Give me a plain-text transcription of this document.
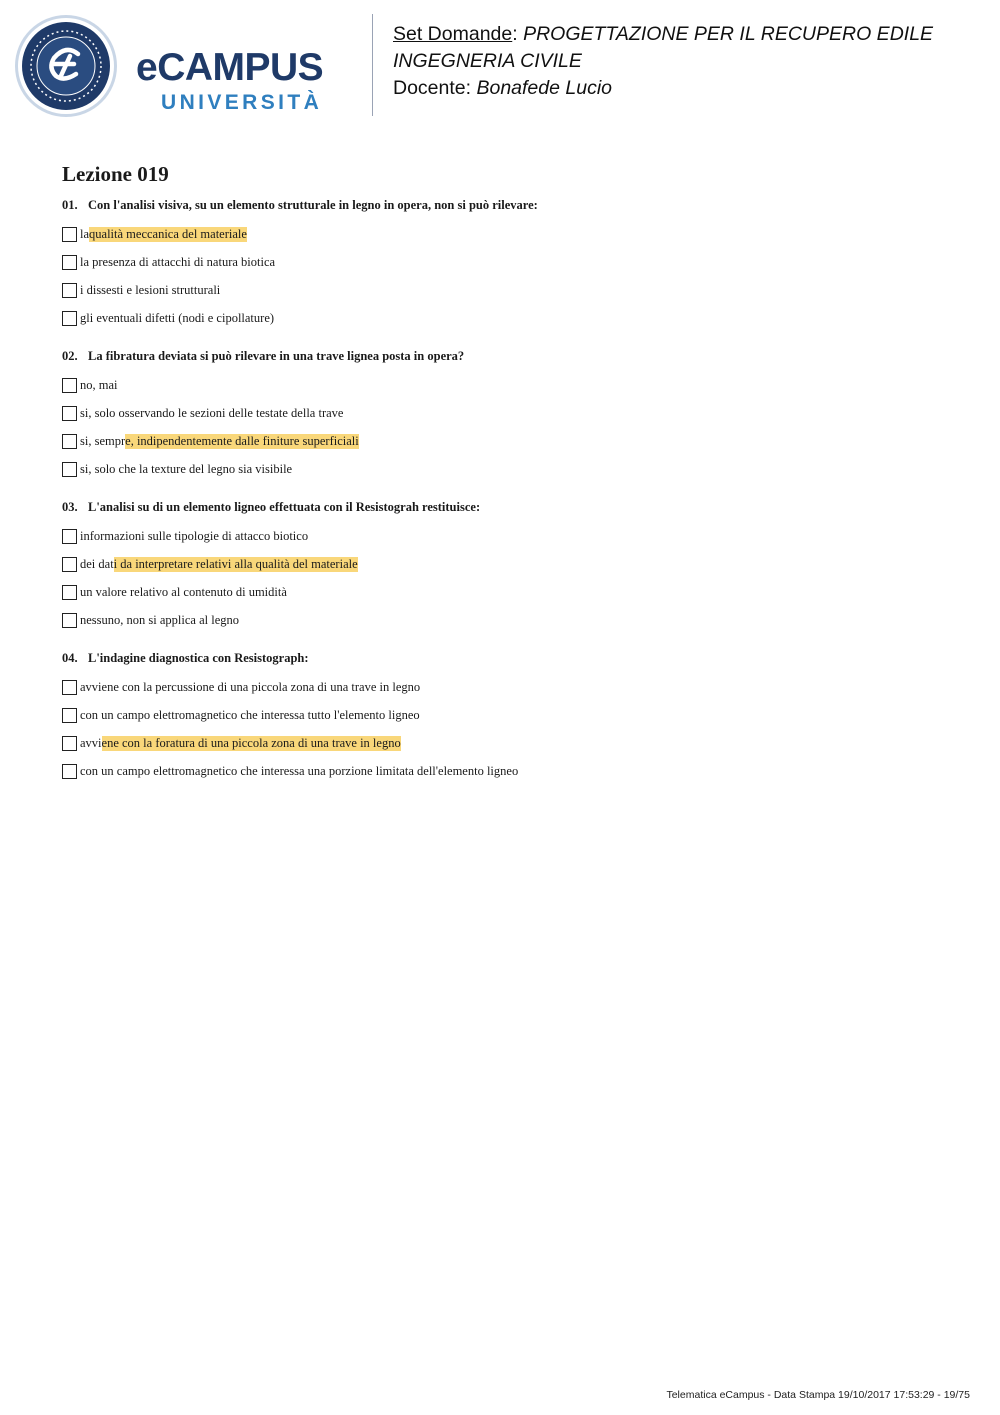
eCAMPUS
UNIVERSITÀ
Set Domande: PROGETTAZIONE PER IL RECUPERO EDILE
INGEGNERIA CIVILE
Docente: Bonafede Lucio
Lezione 019
01. Con l'analisi visiva, su un elemento strutturale in legno in opera, non si può rilevare:
la qualità meccanica del materiale
la presenza di attacchi di natura biotica
i dissesti e lesioni strutturali
gli eventuali difetti (nodi e cipollature)
02. La fibratura deviata si può rilevare in una trave lignea posta in opera?
no, mai
si, solo osservando le sezioni delle testate della trave
si, sempr e, indipendentemente dalle finiture superficiali
si, solo che la texture del legno sia visibile
03. L'analisi su di un elemento ligneo effettuata con il Resistograh restituisce:
informazioni sulle tipologie di attacco biotico
dei dat i da interpretare relativi alla qualità del materiale
un valore relativo al contenuto di umidità
nessuno, non si applica al legno
04. L'indagine diagnostica con Resistograph:
avviene con la percussione di una piccola zona di una trave in legno
con un campo elettromagnetico che interessa tutto l'elemento ligneo
avvi ene con la foratura di una piccola zona di una trave in legno
con un campo elettromagnetico che interessa una porzione limitata dell'elemento ligneo
Telematica eCampus - Data Stampa 19/10/2017 17:53:29 - 19/75
